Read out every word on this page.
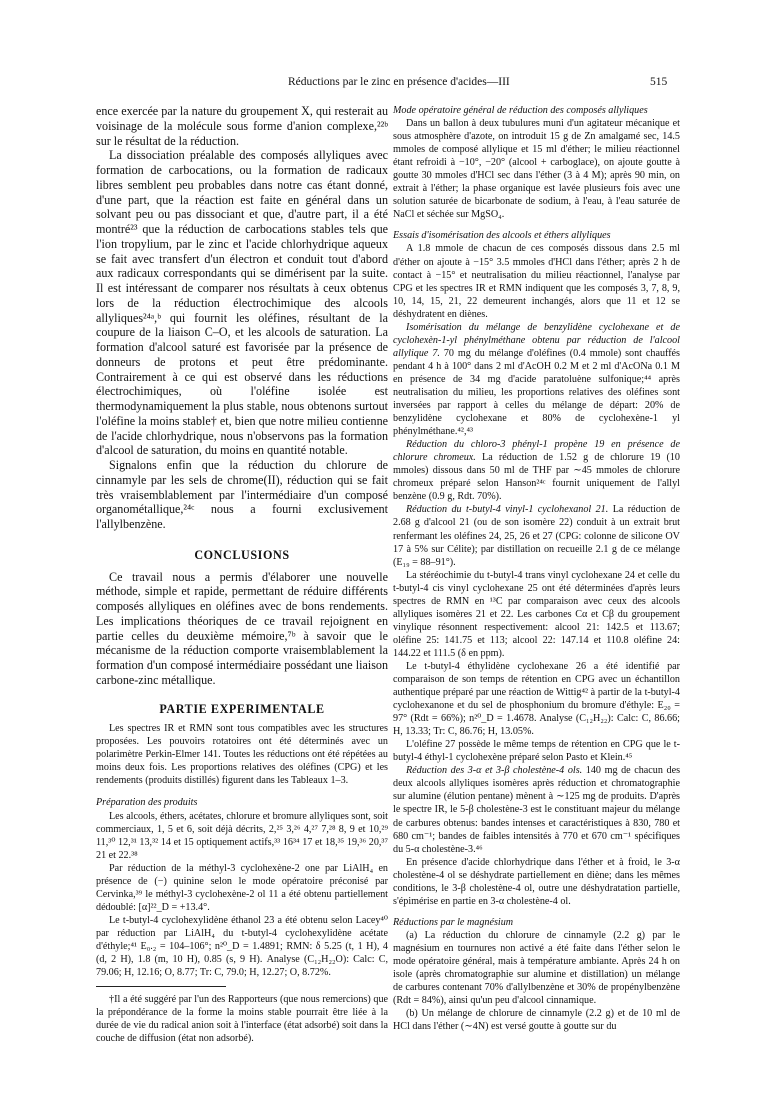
Réductions par le zinc en présence d'acides—III	515

ence exercée par la nature du groupement X, qui resterait au voisinage de la molécule sous forme d'anion complexe,²²ᵇ sur le résultat de la réduction.

La dissociation préalable des composés allyliques avec formation de carbocations, ou la formation de radicaux libres semblent peu probables dans notre cas étant donné, d'une part, que la réaction est faite en général dans un solvant peu ou pas dissociant et que, d'autre part, il a été montré²³ que la réduction de carbocations stables tels que l'ion tropylium, par le zinc et l'acide chlorhydrique aqueux se fait avec transfert d'un électron et conduit tout d'abord aux radicaux correspondants qui se dimérisent par la suite. Il est intéressant de comparer nos résultats à ceux obtenus lors de la réduction électrochimique des alcools allyliques²⁴ᵃ,ᵇ qui fournit les oléfines, résultant de la coupure de la liaison C–O, et les alcools de saturation. La formation d'alcool saturé est favorisée par la présence de donneurs de protons et peut être prédominante. Contrairement à ce qui est observé dans les réductions électrochimiques, où l'oléfine isolée est thermodynamiquement la plus stable, nous obtenons surtout l'oléfine la moins stable† et, bien que notre milieu contienne de l'acide chlorhydrique, nous n'observons pas la formation d'alcool de saturation, du moins en quantité notable.

Signalons enfin que la réduction du chlorure de cinnamyle par les sels de chrome(II), réduction qui se fait très vraisemblablement par l'intermédiaire d'un composé organométallique,²⁴ᶜ nous a fourni exclusivement l'allylbenzène.

CONCLUSIONS

Ce travail nous a permis d'élaborer une nouvelle méthode, simple et rapide, permettant de réduire différents composés allyliques en oléfines avec de bons rendements. Les implications théoriques de ce travail rejoignent en partie celles du deuxième mémoire,⁷ᵇ à savoir que le mécanisme de la réduction comporte vraisemblablement la formation d'un composé intermédiaire possédant une liaison carbone-zinc métallique.

PARTIE EXPERIMENTALE

Les spectres IR et RMN sont tous compatibles avec les structures proposées. Les pouvoirs rotatoires ont été déterminés avec un polarimètre Perkin-Elmer 141. Toutes les réductions ont été répétées au moins deux fois. Les proportions relatives des oléfines (CPG) et les rendements (produits distillés) figurent dans les Tableaux 1–3.

Préparation des produits

Les alcools, éthers, acétates, chlorure et bromure allyliques sont, soit commerciaux, 1, 5 et 6, soit déjà décrits, 2,²⁵ 3,²⁶ 4,²⁷ 7,²⁸ 8, 9 et 10,²⁹ 11,³⁰ 12,³¹ 13,³² 14 et 15 optiquement actifs,³³ 16³⁴ 17 et 18,³⁵ 19,³⁶ 20,³⁷ 21 et 22.³⁸

Par réduction de la méthyl-3 cyclohexène-2 one par LiAlH₄ en présence de (−) quinine selon le mode opératoire préconisé par Cervinka,³⁹ le méthyl-3 cyclohexène-2 ol 11 a été obtenu partiellement dédoublé: [α]²²_D = +13.4°.

Le t-butyl-4 cyclohexylidène éthanol 23 a été obtenu selon Lacey⁴⁰ par réduction par LiAlH₄ du t-butyl-4 cyclohexylidène acétate d'éthyle;⁴¹ E₀.₂ = 104–106°; n²⁰_D = 1.4891; RMN: δ 5.25 (t, 1 H), 4 (d, 2 H), 1.8 (m, 10 H), 0.85 (s, 9 H). Analyse (C₁₂H₂₂O): Calc: C, 79.06; H, 12.16; O, 8.77; Tr: C, 79.0; H, 12.27; O, 8.72%.

†Il a été suggéré par l'un des Rapporteurs (que nous remercions) que la prépondérance de la forme la moins stable pourrait être liée à la durée de vie du radical anion soit à l'interface (état adsorbé) soit dans la couche de diffusion (état non adsorbé).

Mode opératoire général de réduction des composés allyliques

Dans un ballon à deux tubulures muni d'un agitateur mécanique et sous atmosphère d'azote, on introduit 15 g de Zn amalgamé sec, 14.5 mmoles de composé allylique et 15 ml d'éther; le milieu réactionnel étant refroidi à −10°, −20° (alcool + carboglace), on ajoute goutte à goutte 30 mmoles d'HCl sec dans l'éther (3 à 4 M); après 90 min, on extrait à l'éther; la phase organique est lavée plusieurs fois avec une solution saturée de bicarbonate de sodium, à l'eau, à l'eau saturée de NaCl et séchée sur MgSO₄.

Essais d'isomérisation des alcools et éthers allyliques

A 1.8 mmole de chacun de ces composés dissous dans 2.5 ml d'éther on ajoute à −15° 3.5 mmoles d'HCl dans l'éther; après 2 h de contact à −15° et neutralisation du milieu réactionnel, l'analyse par CPG et les spectres IR et RMN indiquent que les composés 3, 7, 8, 9, 10, 14, 15, 21, 22 demeurent inchangés, alors que 11 et 12 se déshydratent en diènes.

Isomérisation du mélange de benzylidène cyclohexane et de cyclohexèn-1-yl phénylméthane obtenu par réduction de l'alcool allylique 7. 70 mg du mélange d'oléfines (0.4 mmole) sont chauffés pendant 4 h à 100° dans 2 ml d'AcOH 0.2 M et 2 ml d'AcONa 0.1 M en présence de 34 mg d'acide paratoluène sulfonique;⁴⁴ après neutralisation du milieu, les proportions relatives des oléfines sont inversées par rapport à celles du mélange de départ: 20% de benzylidène cyclohexane et 80% de cyclohexène-1 yl phénylméthane.⁴²,⁴³

Réduction du chloro-3 phényl-1 propène 19 en présence de chlorure chromeux. La réduction de 1.52 g de chlorure 19 (10 mmoles) dissous dans 50 ml de THF par ∼45 mmoles de chlorure chromeux préparé selon Hanson²⁴ᶜ fournit uniquement de l'allyl benzène (0.9 g, Rdt. 70%).

Réduction du t-butyl-4 vinyl-1 cyclohexanol 21. La réduction de 2.68 g d'alcool 21 (ou de son isomère 22) conduit à un extrait brut renfermant les oléfines 24, 25, 26 et 27 (CPG: colonne de silicone OV 17 à 5% sur Célite); par distillation on recueille 2.1 g de ce mélange (E₁₉ = 88–91°).

La stéréochimie du t-butyl-4 trans vinyl cyclohexane 24 et celle du t-butyl-4 cis vinyl cyclohexane 25 ont été déterminées d'après leurs spectres de RMN en ¹³C par comparaison avec ceux des alcools allyliques isomères 21 et 22. Les carbones Cα et Cβ du groupement vinylique résonnent respectivement: alcool 21: 142.5 et 113.67; oléfine 25: 141.75 et 113; alcool 22: 147.14 et 110.8 oléfine 24: 144.22 et 111.5 (δ en ppm).

Le t-butyl-4 éthylidène cyclohexane 26 a été identifié par comparaison de son temps de rétention en CPG avec un échantillon authentique préparé par une réaction de Wittig⁴² à partir de la t-butyl-4 cyclohexanone et du sel de phosphonium du bromure d'éthyle: E₂₀ = 97° (Rdt = 66%); n²⁰_D = 1.4678. Analyse (C₁₂H₂₂): Calc: C, 86.66; H, 13.33; Tr: C, 86.76; H, 13.05%.

L'oléfine 27 possède le même temps de rétention en CPG que le t-butyl-4 éthyl-1 cyclohexène préparé selon Pasto et Klein.⁴⁵

Réduction des 3-α et 3-β cholestène-4 ols. 140 mg de chacun des deux alcools allyliques isomères après réduction et chromatographie sur alumine (élution pentane) mènent à ∼125 mg de produits. D'après le spectre IR, le 5-β cholestène-3 est le constituant majeur du mélange de carbures obtenus: bandes intenses et caractéristiques à 830, 780 et 680 cm⁻¹; bandes de faibles intensités à 770 et 670 cm⁻¹ spécifiques du 5-α cholestène-3.⁴⁶

En présence d'acide chlorhydrique dans l'éther et à froid, le 3-α cholestène-4 ol se déshydrate partiellement en diène; dans les mêmes conditions, le 3-β cholestène-4 ol, outre une déshydratation partielle, s'épimérise en partie en 3-α cholestène-4 ol.

Réductions par le magnésium

(a) La réduction du chlorure de cinnamyle (2.2 g) par le magnésium en tournures non activé a été faite dans l'éther selon le mode opératoire général, mais à température ambiante. Après 24 h on isole (après chromatographie sur alumine et distillation) un mélange de carbures contenant 70% d'allylbenzène et 30% de propénylbenzène (Rdt = 84%), ainsi qu'un peu d'alcool cinnamique.

(b) Un mélange de chlorure de cinnamyle (2.2 g) et de 10 ml de HCl dans l'éther (∼4N) est versé goutte à goutte sur du
